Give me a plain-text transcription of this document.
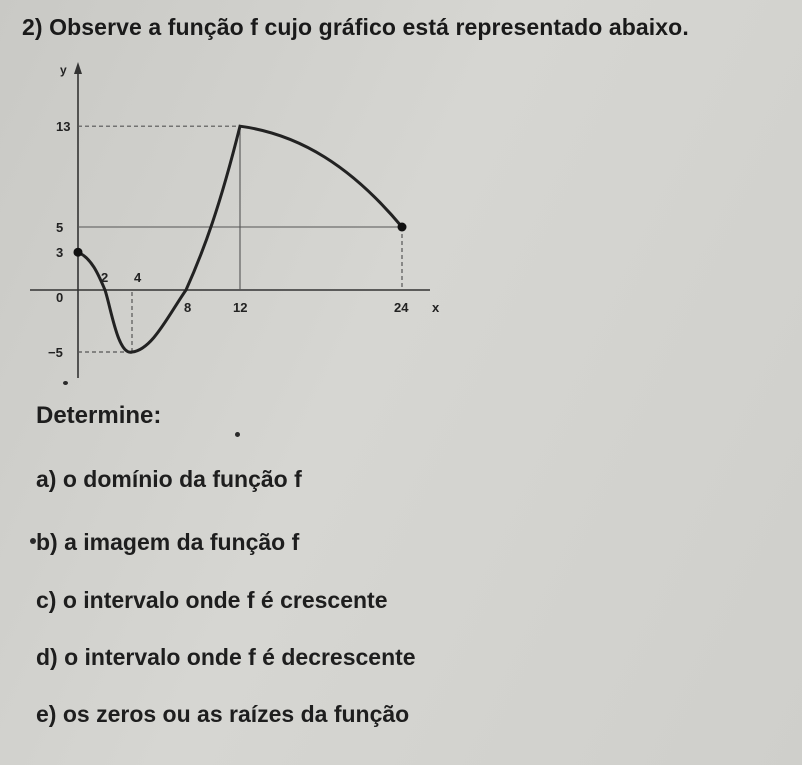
2) Observe a função f cujo gráfico está representado abaixo.
y
x
13
5
3
0
−5
2 4
8	12	24
Determine:
a) o domínio da função f
b) a imagem da função f
c) o intervalo onde f é crescente
d) o intervalo onde f é decrescente
e) os zeros ou as raízes da função
